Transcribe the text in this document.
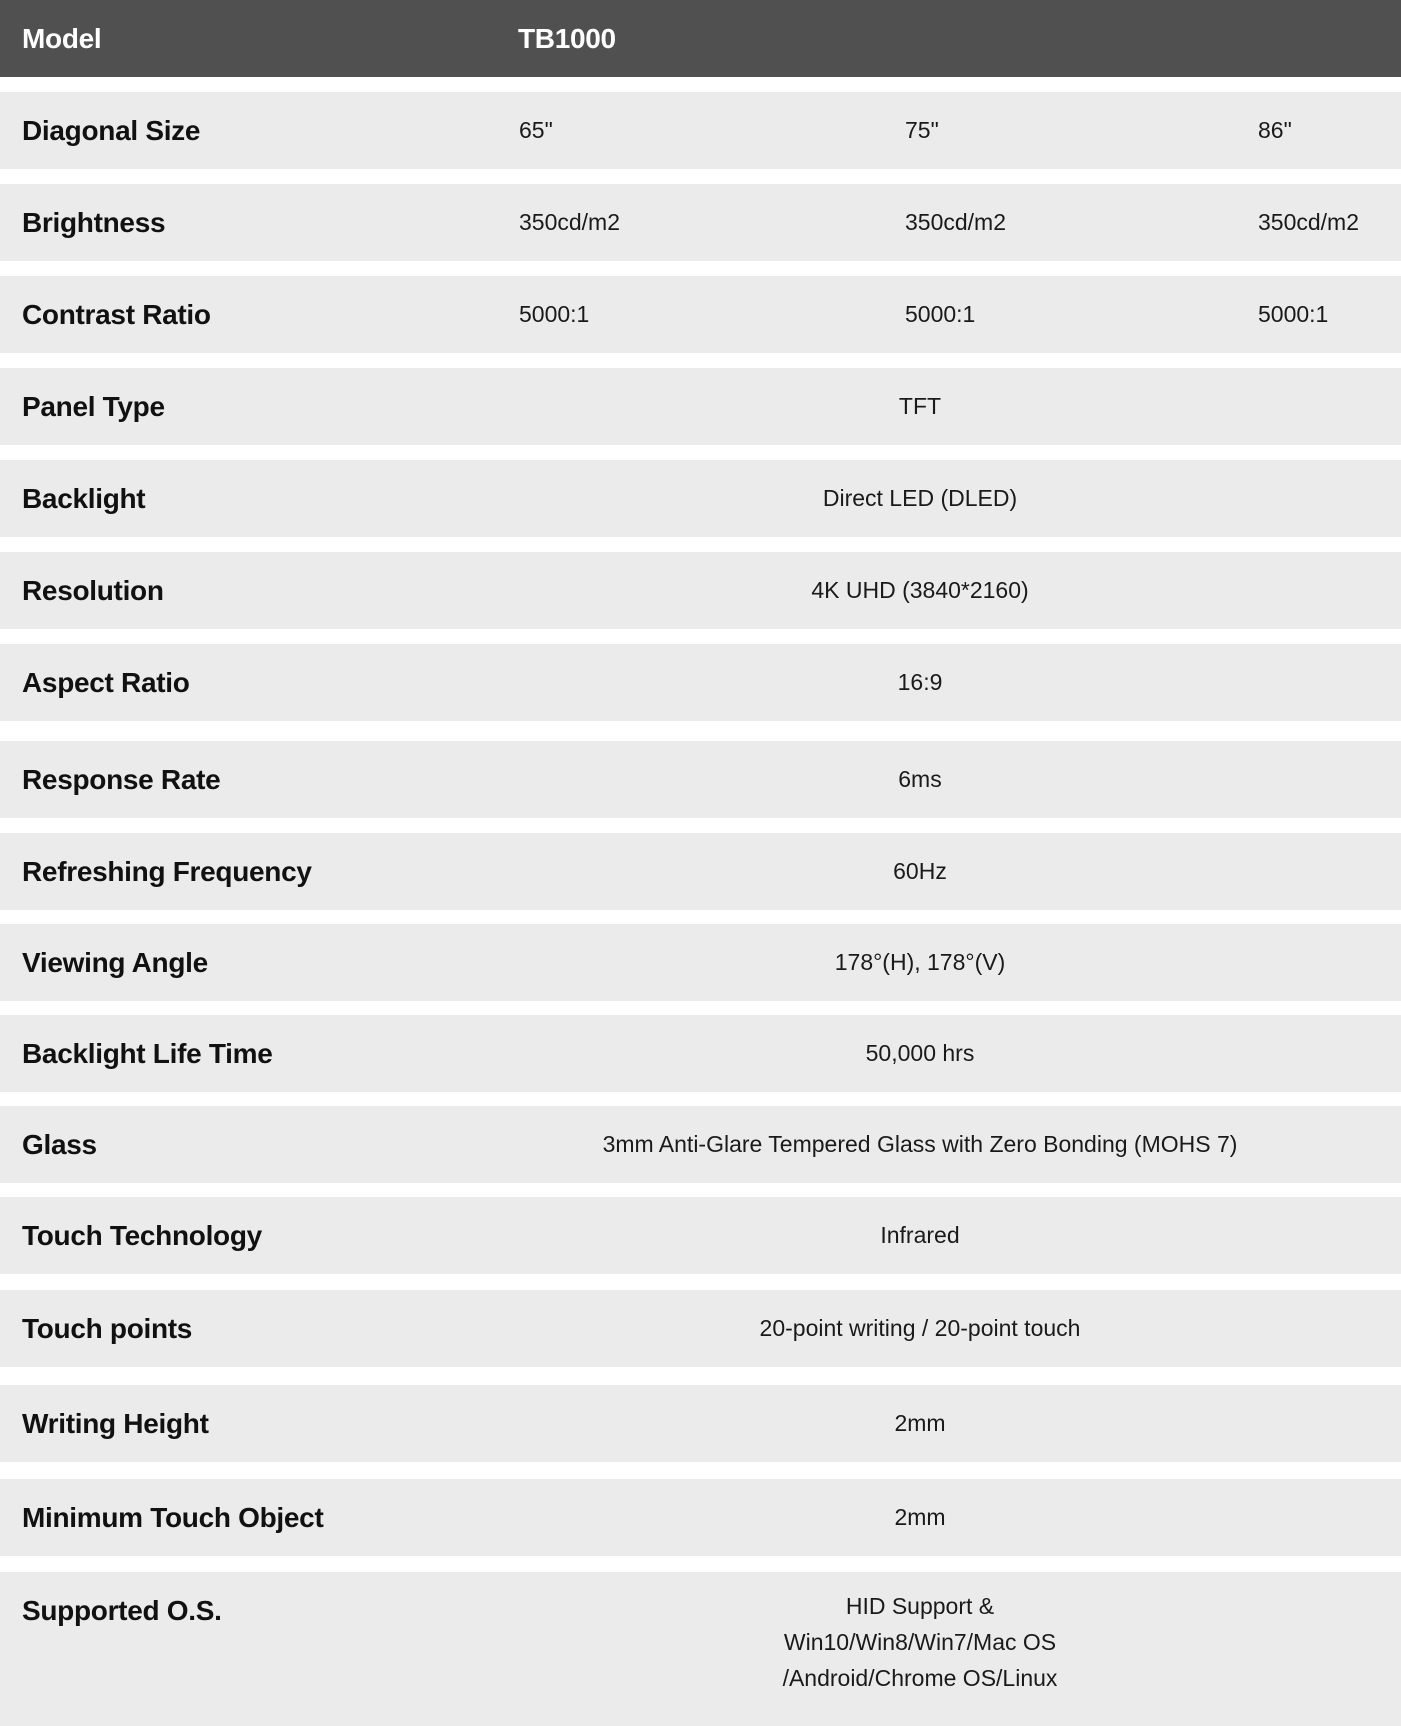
Model	TB1000
Diagonal Size	65"	75"	86"
Brightness	350cd/m2	350cd/m2	350cd/m2
Contrast Ratio	5000:1	5000:1	5000:1
Panel Type	TFT
Backlight	Direct LED (DLED)
Resolution	4K UHD (3840*2160)
Aspect Ratio	16:9
Response Rate	6ms
Refreshing Frequency	60Hz
Viewing Angle	178°(H), 178°(V)
Backlight Life Time	50,000 hrs
Glass	3mm Anti-Glare Tempered Glass with Zero Bonding (MOHS 7)
Touch Technology	Infrared
Touch points	20-point writing / 20-point touch
Writing Height	2mm
Minimum Touch Object	2mm
Supported O.S.	HID Support &
Win10/Win8/Win7/Mac OS
/Android/Chrome OS/Linux
